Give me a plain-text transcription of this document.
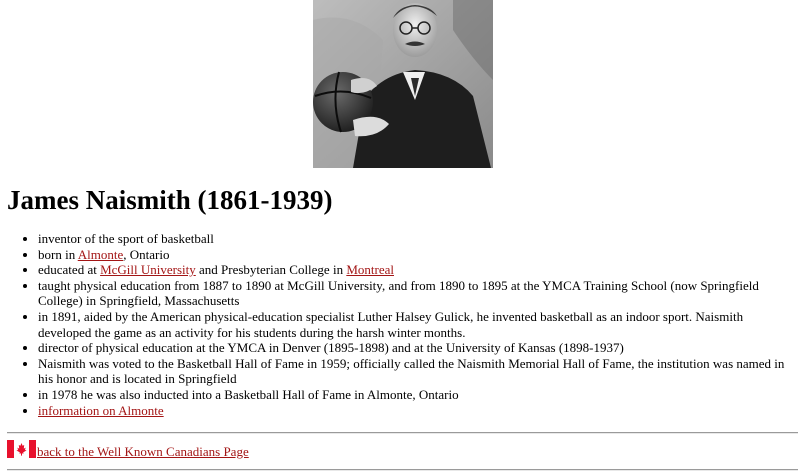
James Naismith (1861-1939)
• inventor of the sport of basketball
• born in Almonte, Ontario
• educated at McGill University and Presbyterian College in Montreal
• taught physical education from 1887 to 1890 at McGill University, and from 1890 to 1895 at the YMCA Training School (now Springfield College) in Springfield, Massachusetts
• in 1891, aided by the American physical-education specialist Luther Halsey Gulick, he invented basketball as an indoor sport. Naismith developed the game as an activity for his students during the harsh winter months.
• director of physical education at the YMCA in Denver (1895-1898) and at the University of Kansas (1898-1937)
• Naismith was voted to the Basketball Hall of Fame in 1959; officially called the Naismith Memorial Hall of Fame, the institution was named in his honor and is located in Springfield
• in 1978 he was also inducted into a Basketball Hall of Fame in Almonte, Ontario
• information on Almonte
back to the Well Known Canadians Page
